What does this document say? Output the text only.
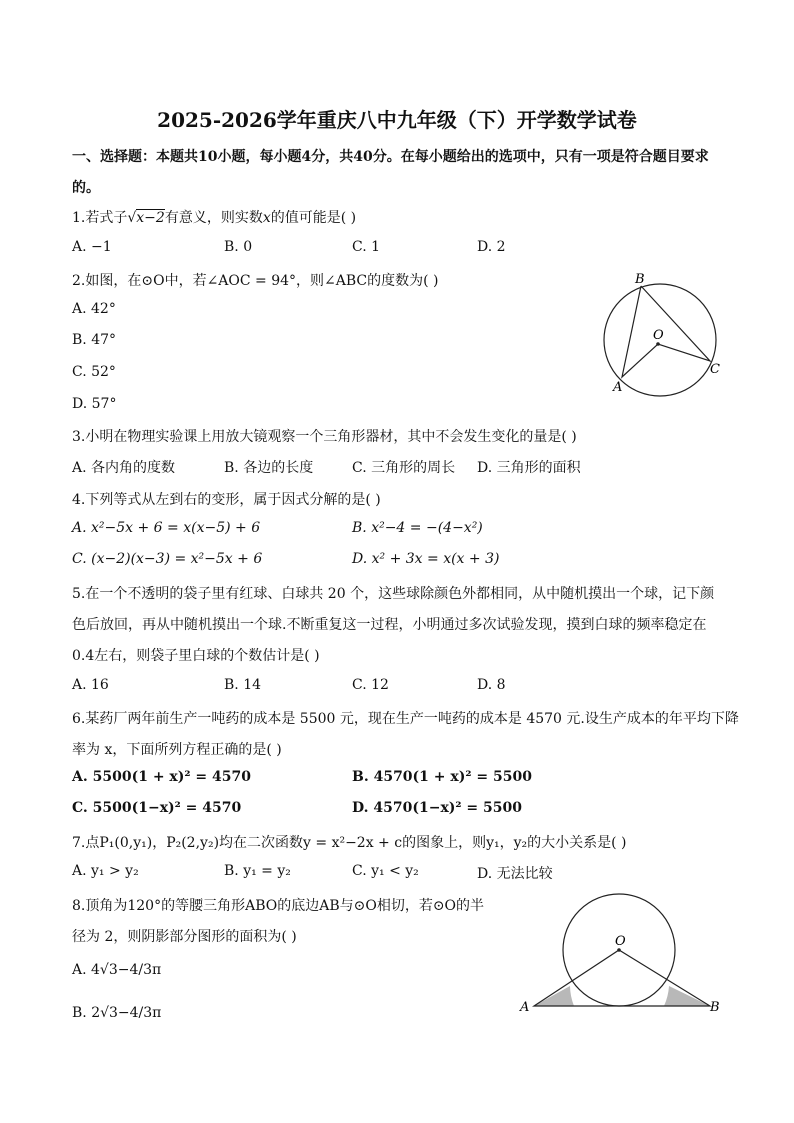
2025-2026学年重庆八中九年级（下）开学数学试卷
一、选择题：本题共10小题，每小题4分，共40分。在每小题给出的选项中，只有一项是符合题目要求
的。
1.若式子√x−2有意义，则实数x的值可能是( )
A. −1	B. 0	C. 1	D. 2
2.如图，在⊙O中，若∠AOC = 94°，则∠ABC的度数为( )
A. 42°
B. 47°
C. 52°
D. 57°
B
O
C
A
3.小明在物理实验课上用放大镜观察一个三角形器材，其中不会发生变化的量是( )
A. 各内角的度数	B. 各边的长度	C. 三角形的周长 D. 三角形的面积
4.下列等式从左到右的变形，属于因式分解的是( )
A. x²−5x + 6 = x(x−5) + 6	B. x²−4 = −(4−x²)
C. (x−2)(x−3) = x²−5x + 6	D. x² + 3x = x(x + 3)
5.在一个不透明的袋子里有红球、白球共 20 个，这些球除颜色外都相同，从中随机摸出一个球，记下颜
色后放回，再从中随机摸出一个球.不断重复这一过程，小明通过多次试验发现，摸到白球的频率稳定在
0.4左右，则袋子里白球的个数估计是( )
A. 16	B. 14	C. 12	D. 8
6.某药厂两年前生产一吨药的成本是 5500 元，现在生产一吨药的成本是 4570 元.设生产成本的年平均下降
率为 x，下面所列方程正确的是( )
A. 5500(1 + x)² = 4570	B. 4570(1 + x)² = 5500
C. 5500(1−x)² = 4570	D. 4570(1−x)² = 5500
7.点P₁(0,y₁)，P₂(2,y₂)均在二次函数y = x²−2x + c的图象上，则y₁，y₂的大小关系是( )
A. y₁ > y₂	B. y₁ = y₂	C. y₁ < y₂	D. 无法比较
8.顶角为120°的等腰三角形ABO的底边AB与⊙O相切，若⊙O的半
径为 2，则阴影部分图形的面积为( )
A. 4√3−4/3π
B. 2√3−4/3π
O
A	B
